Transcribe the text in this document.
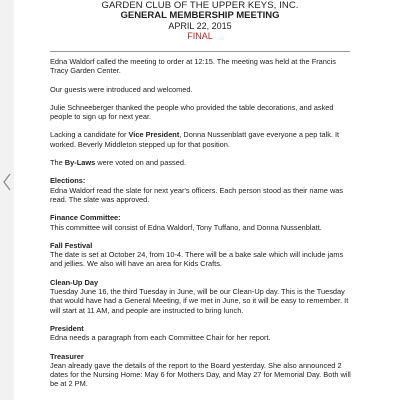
GARDEN CLUB OF THE UPPER KEYS, INC.
GENERAL MEMBERSHIP MEETING
APRIL 22, 2015
FINAL

Edna Waldorf called the meeting to order at 12:15. The meeting was held at the Francis Tracy Garden Center.

Our guests were introduced and welcomed.

Julie Schneeberger thanked the people who provided the table decorations, and asked people to sign up for next year.

Lacking a candidate for Vice President, Donna Nussenblatt gave everyone a pep talk. It worked. Beverly Middleton stepped up for that position.

The By-Laws were voted on and passed.

Elections:

Edna Waldorf read the slate for next year's officers. Each person stood as their name was read. The slate was approved.

Finance Committee:

This committee will consist of Edna Waldorf, Tony Tuffano, and Donna Nussenblatt.

Fall Festival

The date is set at October 24, from 10-4. There will be a bake sale which will include jams and jellies. We also will have an area for Kids Crafts.

Clean-Up Day

Tuesday June 16, the third Tuesday in June, will be our Clean-Up day. This is the Tuesday that would have had a General Meeting, if we met in June, so it will be easy to remember. It will start at 11 AM, and people are instructed to bring lunch.

President

Edna needs a paragraph from each Committee Chair for her report.

Treasurer

Jean already gave the details of the report to the Board yesterday. She also announced 2 dates for the Nursing Home: May 6 for Mothers Day, and May 27 for Memorial Day. Both will be at 2 PM.
